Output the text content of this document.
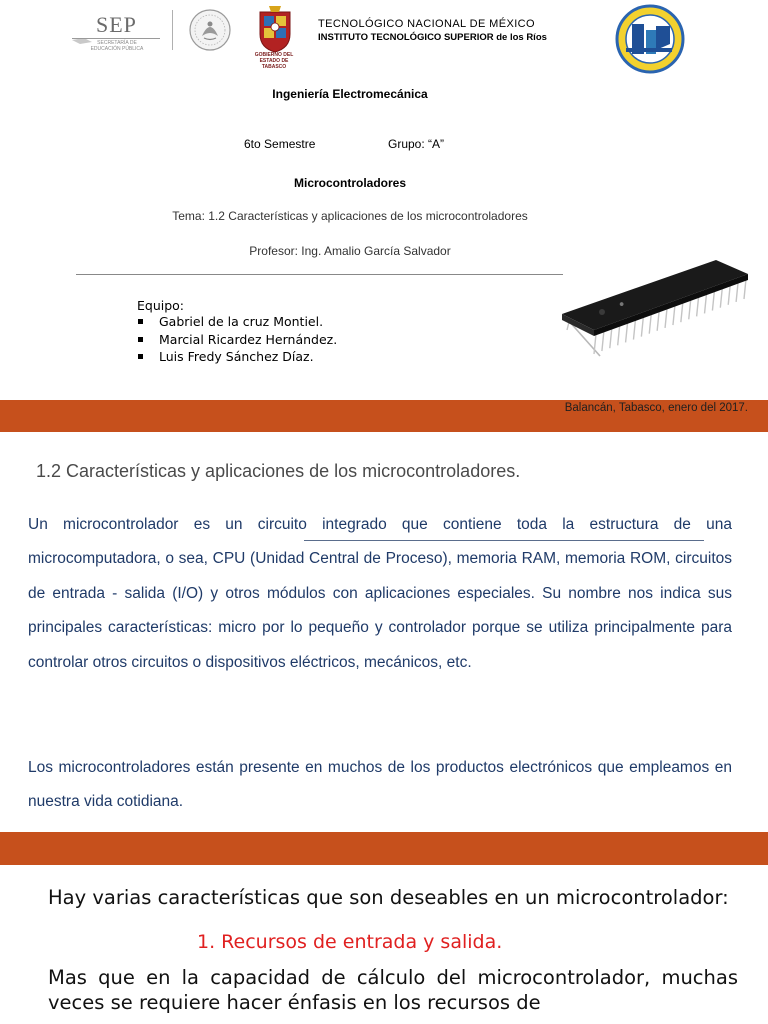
SEP
SECRETARÍA DE EDUCACIÓN PÚBLICA
GOBIERNO DEL ESTADO DE TABASCO
TECNOLÓGICO NACIONAL DE MÉXICO
INSTITUTO TECNOLÓGICO SUPERIOR de los Ríos
Ingeniería Electromecánica
6to Semestre	Grupo: “A”
Microcontroladores
Tema: 1.2 Características y aplicaciones de los microcontroladores
Profesor: Ing. Amalio García Salvador
Equipo:
Gabriel de la cruz Montiel.
Marcial Ricardez Hernández.
Luis Fredy Sánchez Díaz.
●
Balancán, Tabasco, enero del 2017.
1.2 Características y aplicaciones de los microcontroladores.
Un microcontrolador es un circuito integrado que contiene toda la estructura de una microcomputadora, o sea, CPU (Unidad Central de Proceso), memoria RAM, memoria ROM, circuitos de entrada - salida (I/O) y otros módulos con aplicaciones especiales. Su nombre nos indica sus principales características: micro por lo pequeño y controlador porque se utiliza principalmente para controlar otros circuitos o dispositivos eléctricos, mecánicos, etc.
Los microcontroladores están presente en muchos de los productos electrónicos que empleamos en nuestra vida cotidiana.
Hay varias características que son deseables en un microcontrolador:
1. Recursos de entrada y salida.
Mas que en la capacidad de cálculo del microcontrolador, muchas veces se requiere hacer énfasis en los recursos de
